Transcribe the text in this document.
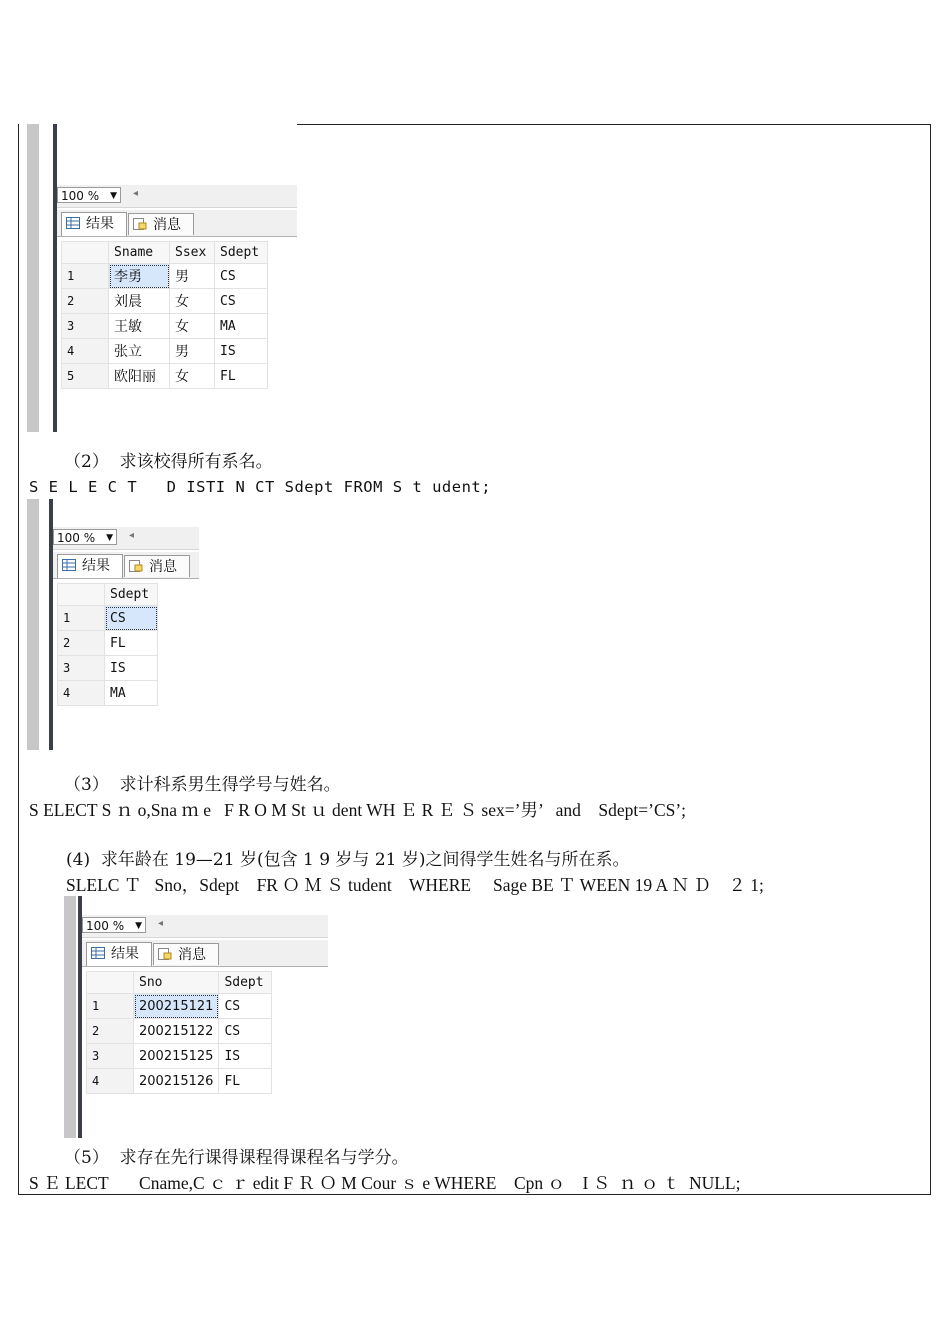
100 % ▼ ◂
结果	消息
	Sname	Ssex	Sdept
1	李勇	男	CS
2	刘晨	女	CS
3	王敏	女	MA
4	张立	男	IS
5	欧阳丽	女	FL
（2）  求该校得所有系名。
S E L E C T   D ISTI N CT Sdept FROM S t udent;
100 % ▼ ◂
结果	消息
	Sdept
1	CS
2	FL
3	IS
4	MA
（3）  求计科系男生得学号与姓名。
S ELECT S ｎ o,Sna ｍ e   F R O M St ｕ dent WH Ｅ R Ｅ Ｓ sex=’男’   and    Sdept=’CS’;
(4)  求年龄在 19—21 岁(包含 1 9 岁与 21 岁)之间得学生姓名与所在系。
SLELC Ｔ   Sno，Sdept    FR Ｏ Ｍ Ｓ tudent    WHERE     Sage BE Ｔ WEEN 19 A Ｎ Ｄ    ２ 1;
100 % ▼ ◂
结果	消息
	Sno	Sdept
1	200215121	CS
2	200215122	CS
3	200215125	IS
4	200215126	FL
（5）  求存在先行课得课程得课程名与学分。
S Ｅ LECT       Cname,C ｃ ｒ edit F Ｒ Ｏ M Cour ｓ e WHERE    Cpn ｏ    I Ｓ  ｎ ｏ ｔ  NULL;
